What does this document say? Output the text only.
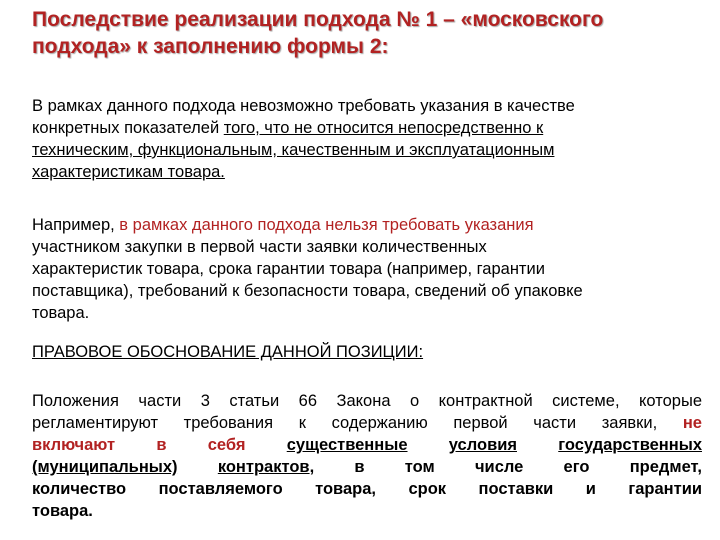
Последствие реализации подхода № 1 – «московского
подхода» к заполнению формы 2:
В рамках данного подхода невозможно требовать указания в качестве
конкретных показателей того, что не относится непосредственно к
техническим, функциональным, качественным и эксплуатационным
характеристикам товара.
Например, в рамках данного подхода нельзя требовать указания
участником закупки в первой части заявки количественных
характеристик товара, срока гарантии товара (например, гарантии
поставщика), требований к безопасности товара, сведений об упаковке
товара.
ПРАВОВОЕ ОБОСНОВАНИЕ ДАННОЙ ПОЗИЦИИ:
Положения части 3 статьи 66 Закона о контрактной системе, которые
регламентируют требования к содержанию первой части заявки, не
включают в себя существенные	условия	государственных
(муниципальных) контрактов, в том числе его предмет,
количество поставляемого товара, срок поставки и гарантии
товара.
